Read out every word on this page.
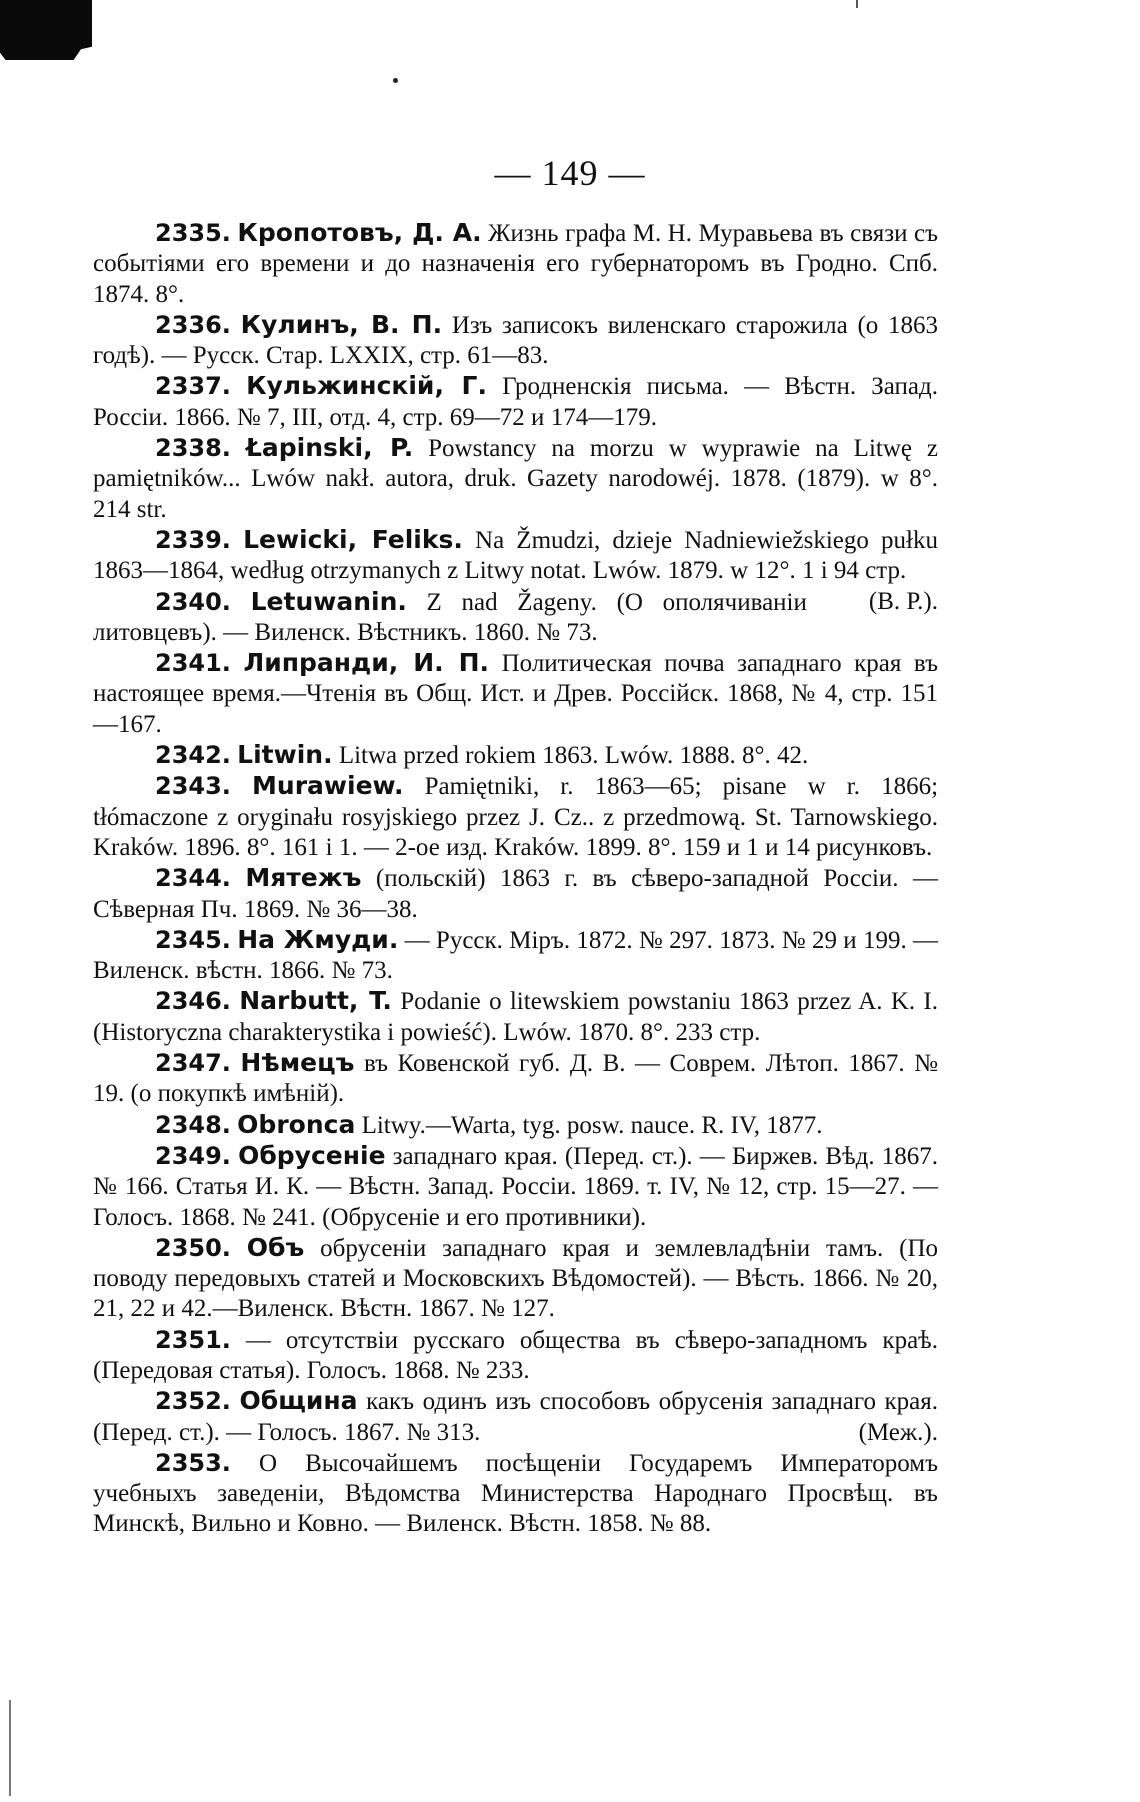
— 149 —

2335. Кропотовъ, Д. А. Жизнь графа М. Н. Муравьева въ связи съ событiями его времени и до назначенiя его губернаторомъ въ Гродно. Спб. 1874. 8°.

2336. Кулинъ, В. П. Изъ записокъ виленскаго старожила (о 1863 годѣ). — Русск. Стар. LXXIX, стр. 61—83.

2337. Кульжинскiй, Г. Гродненскiя письма. — Вѣстн. Запад. Россiи. 1866. № 7, III, отд. 4, стр. 69—72 и 174—179.

2338. Łapinski, P. Powstancy na morzu w wyprawie na Litwę z pamiętników... Lwów nakł. autora, druk. Gazety narodowéj. 1878. (1879). w 8°. 214 str.

2339. Lewicki, Feliks. Na Žmudzi, dzieje Nadniewiežskiego pułku 1863—1864, według otrzymanych z Litwy notat. Lwów. 1879. w 12°. 1 i 94 стр.
(В. Р.).

2340. Letuwanin. Z nad Žageny. (О ополячиванiи литовцевъ). — Виленск. Вѣстникъ. 1860. № 73.

2341. Липранди, И. П. Политическая почва западнаго края въ настоящее время.—Чтенiя въ Общ. Ист. и Древ. Россiйск. 1868, № 4, стр. 151—167.

2342. Litwin. Litwa przed rokiem 1863. Lwów. 1888. 8°. 42.

2343. Murawiew. Pamiętniki, r. 1863—65; pisane w r. 1866; tłómaczone z oryginału rosyjskiego przez J. Cz.. z przedmową. St. Tarnowskiego. Kraków. 1896. 8°. 161 i 1. — 2-ое изд. Kraków. 1899. 8°. 159 и 1 и 14 рисунковъ.

2344. Мятежъ (польскiй) 1863 г. въ сѣверо-западной Россiи. — Сѣверная Пч. 1869. № 36—38.

2345. На Жмуди. — Русск. Мiръ. 1872. № 297. 1873. № 29 и 199. — Виленск. вѣстн. 1866. № 73.

2346. Narbutt, T. Podanie o litewskiem powstaniu 1863 przez A. K. I. (Historyczna charakterystika i powieść). Lwów. 1870. 8°. 233 стр.

2347. Нѣмецъ въ Ковенской губ. Д. В. — Соврем. Лѣтоп. 1867. № 19. (о покупкѣ имѣнiй).

2348. Obronca Litwy.—Warta, tyg. posw. nauce. R. IV, 1877.

2349. Обрусенiе западнаго края. (Перед. ст.). — Биржев. Вѣд. 1867. № 166. Статья И. К. — Вѣстн. Запад. Россiи. 1869. т. IV, № 12, стр. 15—27. — Голосъ. 1868. № 241. (Обрусенiе и его противники).

2350. Объ обрусенiи западнаго края и землевладѣнiи тамъ. (По поводу передовыхъ статей и Московскихъ Вѣдомостей). — Вѣсть. 1866. № 20, 21, 22 и 42.—Виленск. Вѣстн. 1867. № 127.

2351. — отсутствiи русскаго общества въ сѣверо-западномъ краѣ. (Передовая статья). Голосъ. 1868. № 233.

2352. Община какъ одинъ изъ способовъ обрусенiя западнаго края. (Перед. ст.). — Голосъ. 1867. № 313.	(Меж.).

2353. О Высочайшемъ посѣщенiи Государемъ Императоромъ учебныхъ заведенiи, Вѣдомства Министерства Народнаго Просвѣщ. въ Минскѣ, Вильно и Ковно. — Виленск. Вѣстн. 1858. № 88.
